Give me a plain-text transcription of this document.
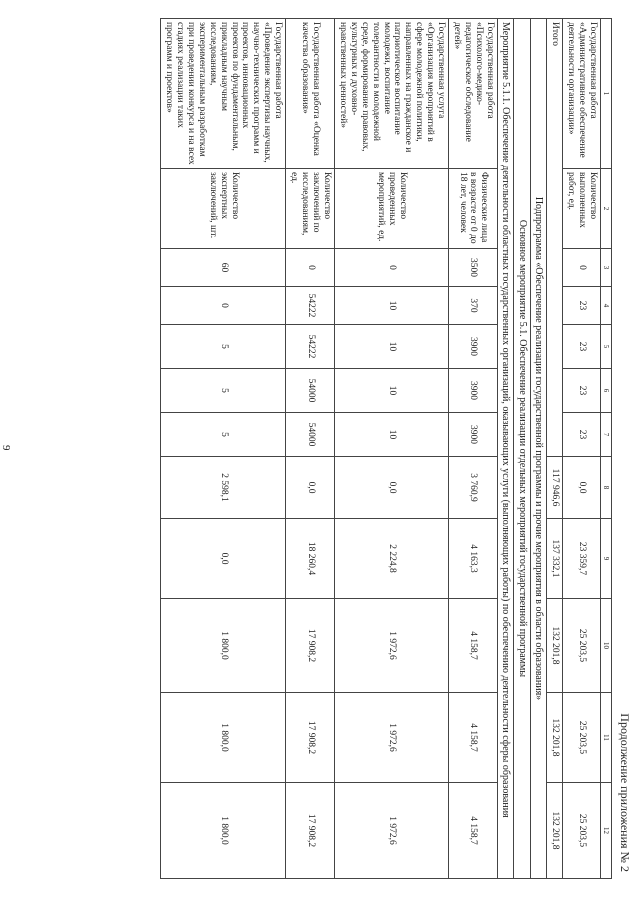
9
Продолжение приложения № 2
1	2	3	4	5	6	7	8	9	10	11	12
Государственная работа «Административное обеспечение деятельности организации»	Количество выполненных работ, ед.	0	23	23	23	23	0,0	23 359,7	25 203,5	25 203,5	25 203,5
Итого							117 946,6	137 332,1	132 201,8	132 201,8	132 201,8
Подпрограмма «Обеспечение реализации государственной программы и прочие мероприятия в области образования»											
Основное мероприятие 5.1. Обеспечение реализации отдельных мероприятий государственной программы											
Мероприятие 5.1.1. Обеспечение деятельности областных государственных организаций, оказывающих услуги (выполняющих работы) по обеспечению деятельности сферы образования											
Государственная работа «Психолого-медико-педагогическое обследование детей»	Физические лица в возрасте от 0 до 18 лет, человек	3500	370	3900	3900	3900	3 760,9	4 163,3	4 158,7	4 158,7	4 158,7
Государственная услуга «Организация мероприятий в сфере молодежной политики, направленных на гражданское и патриотическое воспитание молодежи, воспитание толерантности в молодежной среде, формирование правовых, культурных и духовно-нравственных ценностей»	Количество проведенных мероприятий, ед.	0	10	10	10	10	0,0	2 224,8	1 972,6	1 972,6	1 972,6
Государственная работа «Оценка качества образования»	Количество заключений по исследованиям, ед.	0	54222	54222	54000	54000	0,0	18 260,4	17 908,2	17 908,2	17 908,2
Государственная работа «Проведение экспертизы научных, научно-технических программ и проектов, инновационных проектов по фундаментальным, прикладным научным исследованиям, экспериментальным разработкам при проведении конкурса и на всех стадиях реализации таких программ и проектов»	Количество экспертных заключений, шт.	60	0	5	5	5	2 598,1	0,0	1 800,0	1 800,0	1 800,0
